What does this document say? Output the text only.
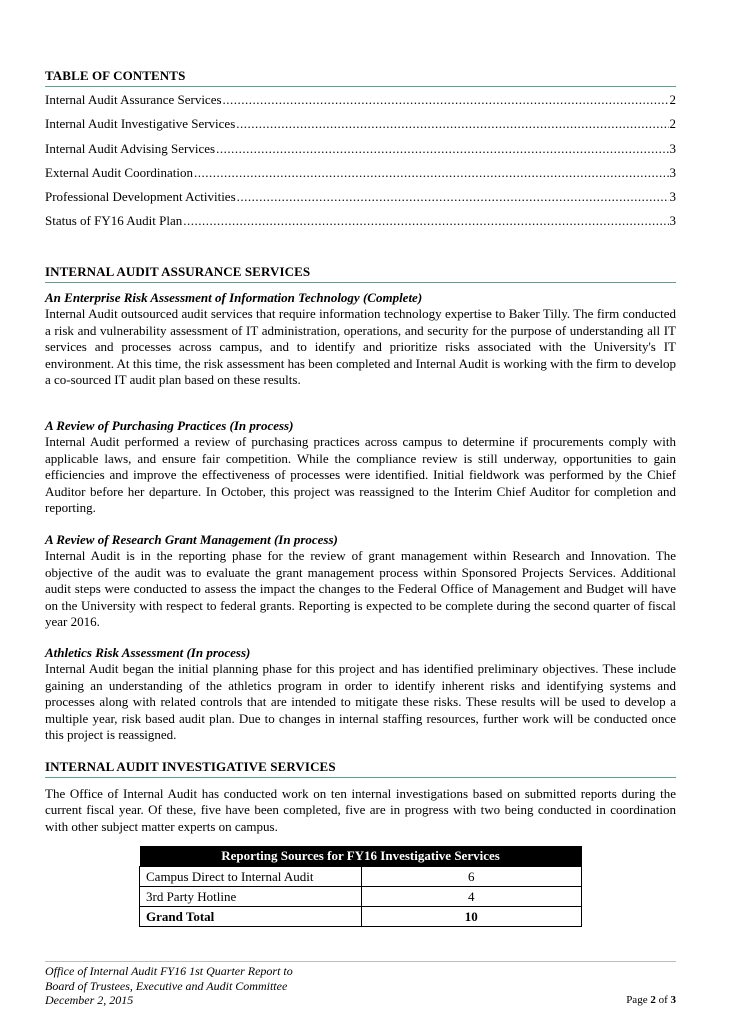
TABLE OF CONTENTS
Internal Audit Assurance Services .....	2
Internal Audit Investigative Services .....	2
Internal Audit Advising Services .....	3
External Audit Coordination .....	3
Professional Development Activities .....	3
Status of FY16 Audit Plan .....	3
INTERNAL AUDIT ASSURANCE SERVICES
An Enterprise Risk Assessment of Information Technology (Complete)
Internal Audit outsourced audit services that require information technology expertise to Baker Tilly. The firm conducted a risk and vulnerability assessment of IT administration, operations, and security for the purpose of understanding all IT services and processes across campus, and to identify and prioritize risks associated with the University's IT environment. At this time, the risk assessment has been completed and Internal Audit is working with the firm to develop a co-sourced IT audit plan based on these results.
A Review of Purchasing Practices (In process)
Internal Audit performed a review of purchasing practices across campus to determine if procurements comply with applicable laws, and ensure fair competition. While the compliance review is still underway, opportunities to gain efficiencies and improve the effectiveness of processes were identified. Initial fieldwork was performed by the Chief Auditor before her departure. In October, this project was reassigned to the Interim Chief Auditor for completion and reporting.
A Review of Research Grant Management (In process)
Internal Audit is in the reporting phase for the review of grant management within Research and Innovation. The objective of the audit was to evaluate the grant management process within Sponsored Projects Services. Additional audit steps were conducted to assess the impact the changes to the Federal Office of Management and Budget will have on the University with respect to federal grants. Reporting is expected to be complete during the second quarter of fiscal year 2016.
Athletics Risk Assessment (In process)
Internal Audit began the initial planning phase for this project and has identified preliminary objectives. These include gaining an understanding of the athletics program in order to identify inherent risks and identifying systems and processes along with related controls that are intended to mitigate these risks. These results will be used to develop a multiple year, risk based audit plan. Due to changes in internal staffing resources, further work will be conducted once this project is reassigned.
INTERNAL AUDIT INVESTIGATIVE SERVICES
The Office of Internal Audit has conducted work on ten internal investigations based on submitted reports during the current fiscal year. Of these, five have been completed, five are in progress with two being conducted in coordination with other subject matter experts on campus.
Reporting Sources for FY16 Investigative Services	
Campus Direct to Internal Audit	6
3rd Party Hotline	4
Grand Total	10
Office of Internal Audit FY16 1st Quarter Report to
Board of Trustees, Executive and Audit Committee
December 2, 2015	Page 2 of 3
